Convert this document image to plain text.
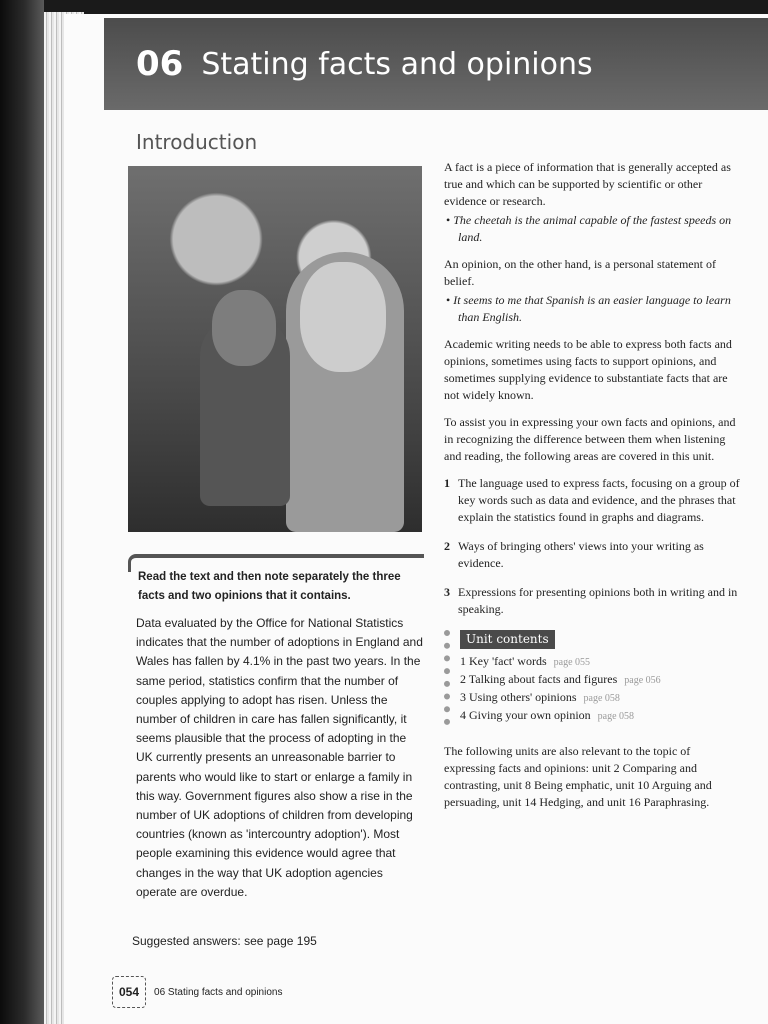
06 Stating facts and opinions
Introduction

Read the text and then note separately the three facts and two opinions that it contains.

Data evaluated by the Office for National Statistics indicates that the number of adoptions in England and Wales has fallen by 4.1% in the past two years. In the same period, statistics confirm that the number of couples applying to adopt has risen. Unless the number of children in care has fallen significantly, it seems plausible that the process of adopting in the UK currently presents an unreasonable barrier to parents who would like to start or enlarge a family in this way. Government figures also show a rise in the number of UK adoptions of children from developing countries (known as 'intercountry adoption'). Most people examining this evidence would agree that changes in the way that UK adoption agencies operate are overdue.

Suggested answers: see page 195

A fact is a piece of information that is generally accepted as true and which can be supported by scientific or other evidence or research.

• The cheetah is the animal capable of the fastest speeds on land.

An opinion, on the other hand, is a personal statement of belief.

• It seems to me that Spanish is an easier language to learn than English.

Academic writing needs to be able to express both facts and opinions, sometimes using facts to support opinions, and sometimes supplying evidence to substantiate facts that are not widely known.

To assist you in expressing your own facts and opinions, and in recognizing the difference between them when listening and reading, the following areas are covered in this unit.

1 The language used to express facts, focusing on a group of key words such as data and evidence, and the phrases that explain the statistics found in graphs and diagrams.
2 Ways of bringing others' views into your writing as evidence.
3 Expressions for presenting opinions both in writing and in speaking.
Unit contents
1 Key 'fact' words page 055
2 Talking about facts and figures page 056
3 Using others' opinions page 058
4 Giving your own opinion page 058

The following units are also relevant to the topic of expressing facts and opinions: unit 2 Comparing and contrasting, unit 8 Being emphatic, unit 10 Arguing and persuading, unit 14 Hedging, and unit 16 Paraphrasing.

054	06 Stating facts and opinions
